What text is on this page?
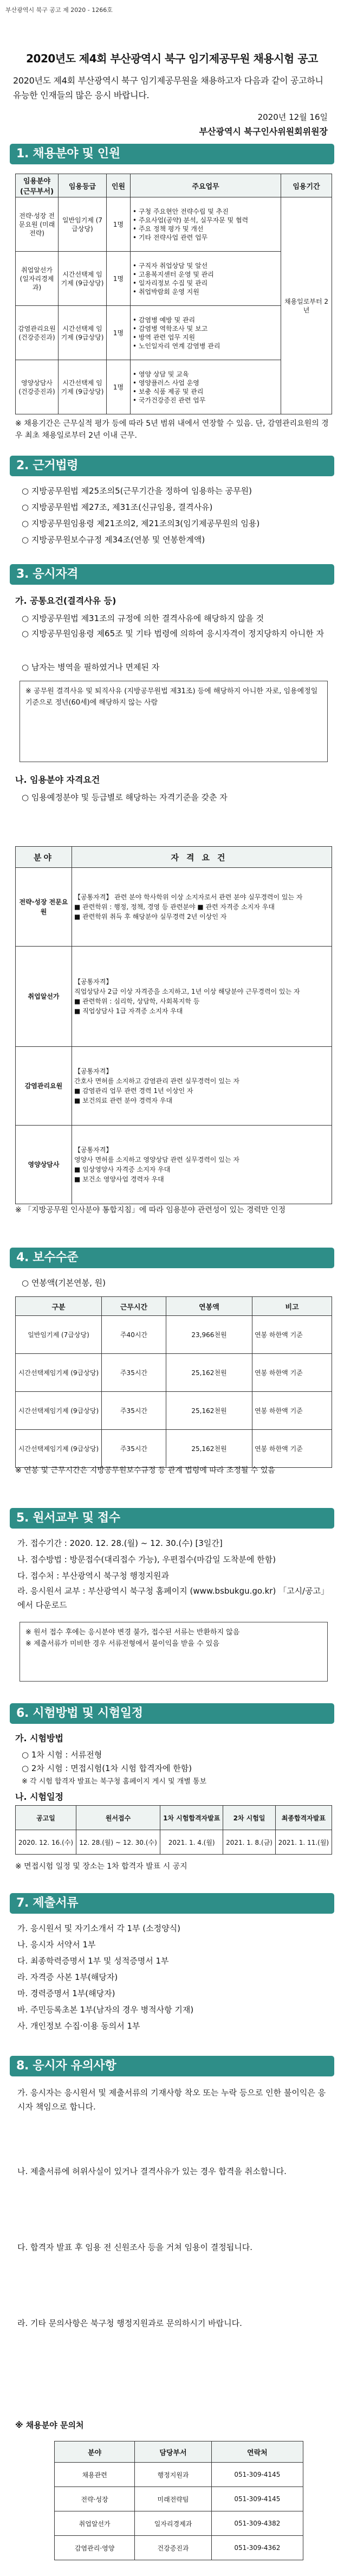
부산광역시 북구 공고 제 2020 - 1266호
2020년도 제4회 부산광역시 북구 임기제공무원 채용시험 공고
2020년도 제4회 부산광역시 북구 임기제공무원을 채용하고자 다음과 같이 공고하니 유능한 인재들의 많은 응시 바랍니다.
2020년 12월 16일
부산광역시 북구인사위원회위원장
1. 채용분야 및 인원
임용분야 (근무부서)	임용등급	인원	주요업무	임용기간
전략·성장 전문요원 (미래전략)	일반임기제 (7급상당)	1명	• 구청 주요현안 전략수립 및 추진
• 주요사업(공약) 분석, 실무자문 및 협력
• 주요 정책 평가 및 개선
• 기타 전략사업 관련 업무	채용일로부터 2년
취업알선가 (일자리경제과)	시간선택제 임기제 (9급상당)	1명	• 구직자 취업상담 및 알선
• 고용복지센터 운영 및 관리
• 일자리정보 수집 및 관리
• 취업박람회 운영 지원	
감염관리요원 (건강증진과)	시간선택제 임기제 (9급상당)	1명	• 감염병 예방 및 관리
• 감염병 역학조사 및 보고
• 방역 관련 업무 지원
• 노인일자리 연계 감염병 관리	
영양상담사 (건강증진과)	시간선택제 임기제 (9급상당)	1명	• 영양 상담 및 교육
• 영양플러스 사업 운영
• 보충 식품 제공 및 관리
• 국가건강증진 관련 업무	
※ 채용기간은 근무실적 평가 등에 따라 5년 범위 내에서 연장할 수 있음. 단, 감염관리요원의 경우 최초 채용일로부터 2년 이내 근무.
2. 근거법령
○ 지방공무원법 제25조의5(근무기간을 정하여 임용하는 공무원)
○ 지방공무원법 제27조, 제31조(신규임용, 결격사유)
○ 지방공무원임용령 제21조의2, 제21조의3(임기제공무원의 임용)
○ 지방공무원보수규정 제34조(연봉 및 연봉한계액)
3. 응시자격
가. 공통요건(결격사유 등)
○ 지방공무원법 제31조의 규정에 의한 결격사유에 해당하지 않을 것
○ 지방공무원임용령 제65조 및 기타 법령에 의하여 응시자격이 정지당하지 아니한 자
○ 남자는 병역을 필하였거나 면제된 자
※ 공무원 결격사유 및 퇴직사유 (지방공무원법 제31조) 등에 해당하지 아니한 자로, 임용예정일 기준으로 정년(60세)에 해당하지 않는 사람
나. 임용분야 자격요건
○ 임용예정분야 및 등급별로 해당하는 자격기준을 갖춘 자
분야	자격요건
전략·성장 전문요원	【공통자격】 관련 분야 학사학위 이상 소지자로서 관련 분야 실무경력이 있는 자
■ 관련학위 : 행정, 정책, 경영 등 관련분야 ■ 관련 자격증 소지자 우대
■ 관련학위 취득 후 해당분야 실무경력 2년 이상인 자
취업알선가	【공통자격】
직업상담사 2급 이상 자격증을 소지하고, 1년 이상 해당분야 근무경력이 있는 자
■ 관련학위 : 심리학, 상담학, 사회복지학 등
■ 직업상담사 1급 자격증 소지자 우대
감염관리요원	【공통자격】
간호사 면허를 소지하고 감염관리 관련 실무경력이 있는 자
■ 감염관리 업무 관련 경력 1년 이상인 자
■ 보건의료 관련 분야 경력자 우대
영양상담사	【공통자격】
영양사 면허를 소지하고 영양상담 관련 실무경력이 있는 자
■ 임상영양사 자격증 소지자 우대
■ 보건소 영양사업 경력자 우대
※ 「지방공무원 인사분야 통합지침」에 따라 임용분야 관련성이 있는 경력만 인정
4. 보수수준
○ 연봉액(기본연봉, 원)
구분	근무시간	연봉액	비고
일반임기제 (7급상당)	주40시간	23,966천원	연봉 하한액 기준
시간선택제임기제 (9급상당)	주35시간	25,162천원	연봉 하한액 기준
시간선택제임기제 (9급상당)	주35시간	25,162천원	연봉 하한액 기준
시간선택제임기제 (9급상당)	주35시간	25,162천원	연봉 하한액 기준
※ 연봉 및 근무시간은 지방공무원보수규정 등 관계 법령에 따라 조정될 수 있음
5. 원서교부 및 접수
가. 접수기간 : 2020. 12. 28.(월) ~ 12. 30.(수) [3일간]
나. 접수방법 : 방문접수(대리접수 가능), 우편접수(마감일 도착분에 한함)
다. 접수처 : 부산광역시 북구청 행정지원과
라. 응시원서 교부 : 부산광역시 북구청 홈페이지 (www.bsbukgu.go.kr) 「고시/공고」에서 다운로드
※ 원서 접수 후에는 응시분야 변경 불가, 접수된 서류는 반환하지 않음
※ 제출서류가 미비한 경우 서류전형에서 불이익을 받을 수 있음
6. 시험방법 및 시험일정
가. 시험방법
○ 1차 시험 : 서류전형
○ 2차 시험 : 면접시험(1차 시험 합격자에 한함)
※ 각 시험 합격자 발표는 북구청 홈페이지 게시 및 개별 통보
나. 시험일정
공고일	원서접수	1차 시험합격자발표	2차 시험일	최종합격자발표
2020. 12. 16.(수)	12. 28.(월) ~ 12. 30.(수)	2021. 1. 4.(월)	2021. 1. 8.(금)	2021. 1. 11.(월)
※ 면접시험 일정 및 장소는 1차 합격자 발표 시 공지
7. 제출서류
가. 응시원서 및 자기소개서 각 1부 (소정양식)
나. 응시자 서약서 1부
다. 최종학력증명서 1부 및 성적증명서 1부
라. 자격증 사본 1부(해당자)
마. 경력증명서 1부(해당자)
바. 주민등록초본 1부(남자의 경우 병적사항 기재)
사. 개인정보 수집·이용 동의서 1부
8. 응시자 유의사항
가. 응시자는 응시원서 및 제출서류의 기재사항 착오 또는 누락 등으로 인한 불이익은 응시자 책임으로 합니다.
나. 제출서류에 허위사실이 있거나 결격사유가 있는 경우 합격을 취소합니다.
다. 합격자 발표 후 임용 전 신원조사 등을 거쳐 임용이 결정됩니다.
라. 기타 문의사항은 북구청 행정지원과로 문의하시기 바랍니다.
※ 채용분야 문의처
분야	담당부서	연락처
채용관련	행정지원과	051-309-4145
전략·성장	미래전략팀	051-309-4145
취업알선가	일자리경제과	051-309-4382
감염관리·영양	건강증진과	051-309-4362
